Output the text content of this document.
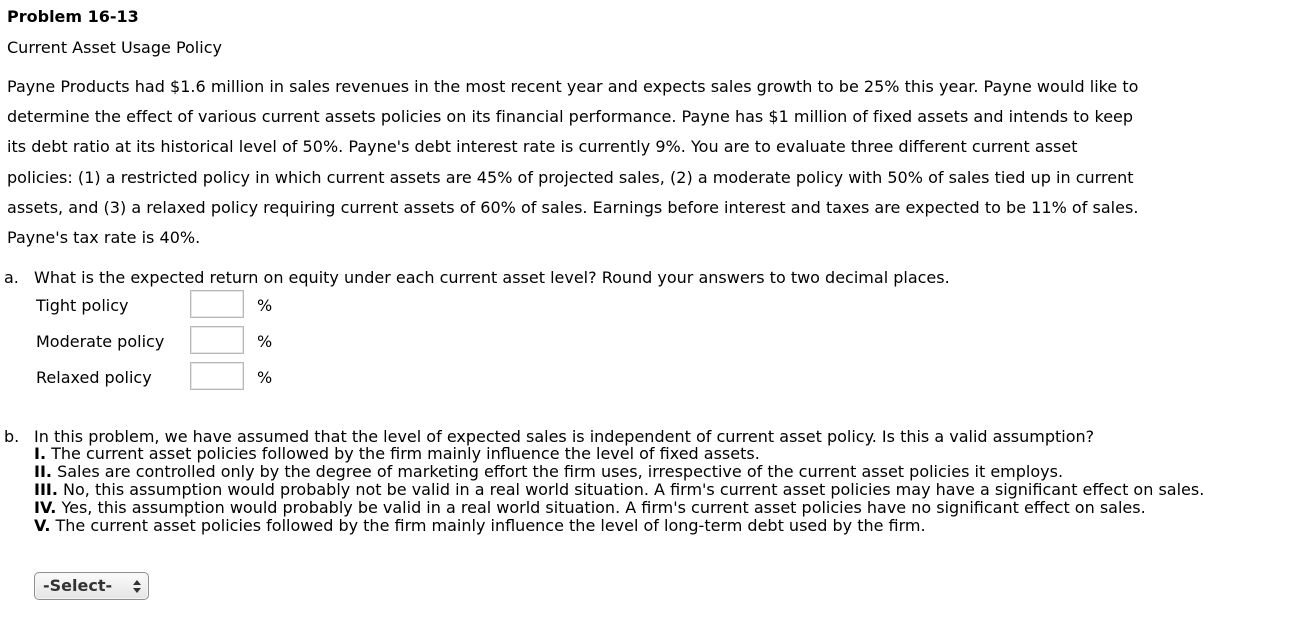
Problem 16-13
Current Asset Usage Policy
Payne Products had $1.6 million in sales revenues in the most recent year and expects sales growth to be 25% this year. Payne would like to
determine the effect of various current assets policies on its financial performance. Payne has $1 million of fixed assets and intends to keep
its debt ratio at its historical level of 50%. Payne's debt interest rate is currently 9%. You are to evaluate three different current asset
policies: (1) a restricted policy in which current assets are 45% of projected sales, (2) a moderate policy with 50% of sales tied up in current
assets, and (3) a relaxed policy requiring current assets of 60% of sales. Earnings before interest and taxes are expected to be 11% of sales.
Payne's tax rate is 40%.
a. What is the expected return on equity under each current asset level? Round your answers to two decimal places.
Tight policy	%
Moderate policy	%
Relaxed policy	%
b. In this problem, we have assumed that the level of expected sales is independent of current asset policy. Is this a valid assumption?
I. The current asset policies followed by the firm mainly influence the level of fixed assets.
II. Sales are controlled only by the degree of marketing effort the firm uses, irrespective of the current asset policies it employs.
III. No, this assumption would probably not be valid in a real world situation. A firm's current asset policies may have a significant effect on sales.
IV. Yes, this assumption would probably be valid in a real world situation. A firm's current asset policies have no significant effect on sales.
V. The current asset policies followed by the firm mainly influence the level of long-term debt used by the firm.
-Select-
